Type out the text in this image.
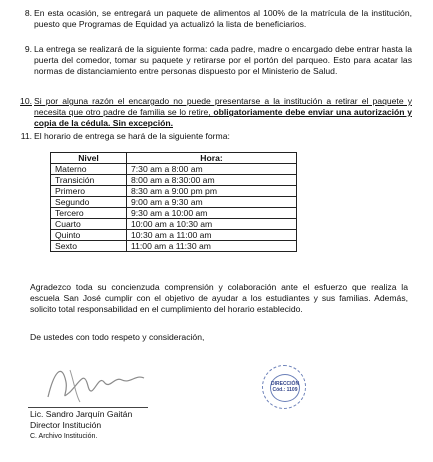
8. En esta ocasión, se entregará un paquete de alimentos al 100% de la matrícula de la institución, puesto que Programas de Equidad ya actualizó la lista de beneficiarios.
9. La entrega se realizará de la siguiente forma: cada padre, madre o encargado debe entrar hasta la puerta del comedor, tomar su paquete y retirarse por el portón del parqueo. Esto para acatar las normas de distanciamiento entre personas dispuesto por el Ministerio de Salud.
10. Si por alguna razón el encargado no puede presentarse a la institución a retirar el paquete y necesita que otro padre de familia se lo retire, obligatoriamente debe enviar una autorización y copia de la cédula. Sin excepción.
11. El horario de entrega se hará de la siguiente forma:
Nivel	Hora:
Materno	7:30 am a 8:00 am
Transición	8:00 am a 8:30:00 am
Primero	8:30 am a 9:00 pm pm
Segundo	9:00 am a 9:30 am
Tercero	9:30 am a 10:00 am
Cuarto	10:00 am a 10:30 am
Quinto	10:30 am a 11:00 am
Sexto	11:00 am a 11:30 am
Agradezco toda su concienzuda comprensión y colaboración ante el esfuerzo que realiza la escuela San José cumplir con el objetivo de ayudar a los estudiantes y sus familias. Además, solicito total responsabilidad en el cumplimiento del horario establecido.
De ustedes con todo respeto y consideración,
DIRECCIÓN
Cód.: 1109
Lic. Sandro Jarquín Gaitán
Director Institución
C. Archivo Institución.
